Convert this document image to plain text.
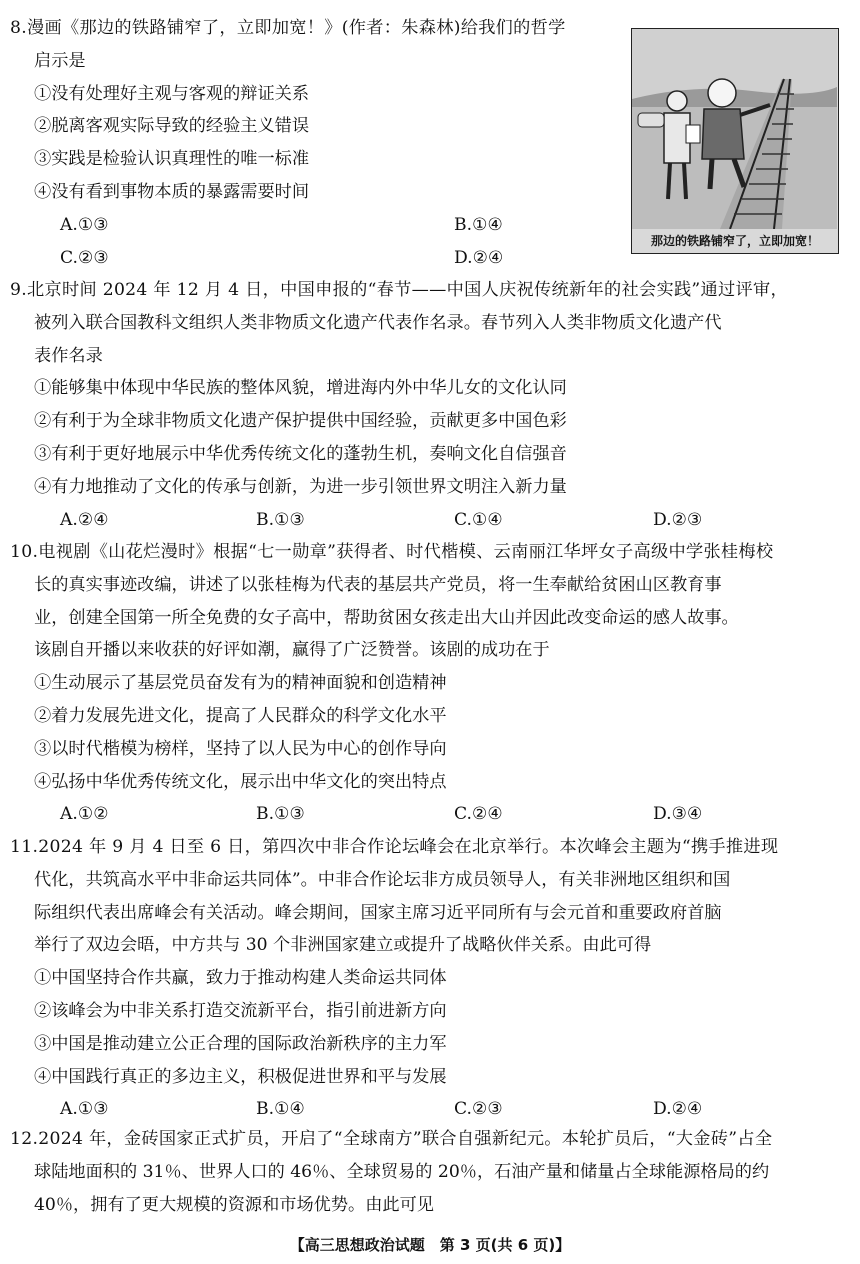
8.漫画《那边的铁路铺窄了，立即加宽！》(作者：朱森林)给我们的哲学
启示是
①没有处理好主观与客观的辩证关系
②脱离客观实际导致的经验主义错误
③实践是检验认识真理性的唯一标准
④没有看到事物本质的暴露需要时间
A.①③	B.①④
C.②③	D.②④
那边的铁路铺窄了，立即加宽！
9.北京时间 2024 年 12 月 4 日，中国申报的“春节——中国人庆祝传统新年的社会实践”通过评审，
被列入联合国教科文组织人类非物质文化遗产代表作名录。春节列入人类非物质文化遗产代
表作名录
①能够集中体现中华民族的整体风貌，增进海内外中华儿女的文化认同
②有利于为全球非物质文化遗产保护提供中国经验，贡献更多中国色彩
③有利于更好地展示中华优秀传统文化的蓬勃生机，奏响文化自信强音
④有力地推动了文化的传承与创新，为进一步引领世界文明注入新力量
A.②④	B.①③	C.①④	D.②③
10.电视剧《山花烂漫时》根据“七一勋章”获得者、时代楷模、云南丽江华坪女子高级中学张桂梅校
长的真实事迹改编，讲述了以张桂梅为代表的基层共产党员，将一生奉献给贫困山区教育事
业，创建全国第一所全免费的女子高中，帮助贫困女孩走出大山并因此改变命运的感人故事。
该剧自开播以来收获的好评如潮，赢得了广泛赞誉。该剧的成功在于
①生动展示了基层党员奋发有为的精神面貌和创造精神
②着力发展先进文化，提高了人民群众的科学文化水平
③以时代楷模为榜样，坚持了以人民为中心的创作导向
④弘扬中华优秀传统文化，展示出中华文化的突出特点
A.①②	B.①③	C.②④	D.③④
11.2024 年 9 月 4 日至 6 日，第四次中非合作论坛峰会在北京举行。本次峰会主题为“携手推进现
代化，共筑高水平中非命运共同体”。中非合作论坛非方成员领导人，有关非洲地区组织和国
际组织代表出席峰会有关活动。峰会期间，国家主席习近平同所有与会元首和重要政府首脑
举行了双边会晤，中方共与 30 个非洲国家建立或提升了战略伙伴关系。由此可得
①中国坚持合作共赢，致力于推动构建人类命运共同体
②该峰会为中非关系打造交流新平台，指引前进新方向
③中国是推动建立公正合理的国际政治新秩序的主力军
④中国践行真正的多边主义，积极促进世界和平与发展
A.①③	B.①④	C.②③	D.②④
12.2024 年，金砖国家正式扩员，开启了“全球南方”联合自强新纪元。本轮扩员后，“大金砖”占全
球陆地面积的 31％、世界人口的 46％、全球贸易的 20％，石油产量和储量占全球能源格局的约
40％，拥有了更大规模的资源和市场优势。由此可见
【高三思想政治试题　第 3 页(共 6 页)】
